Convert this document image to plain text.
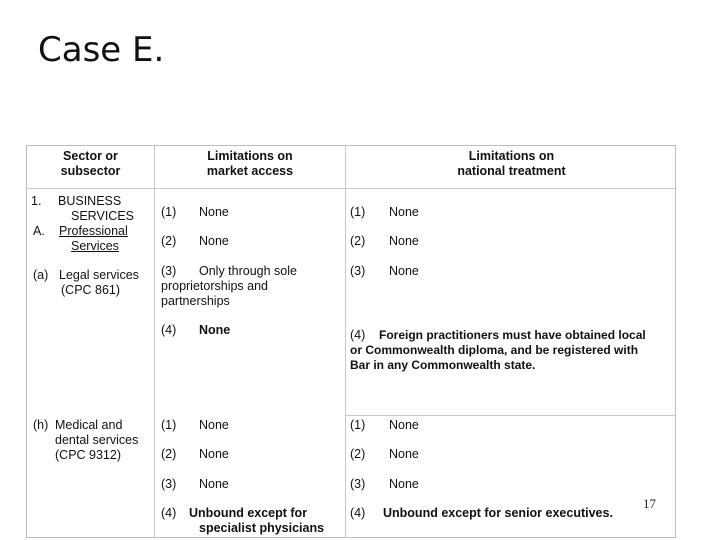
Case E.
Sector or
subsector
Limitations on
market access
Limitations on
national treatment
1. BUSINESS
SERVICES
A. Professional
Services
(a) Legal services
(CPC 861)
(h) Medical and
dental services
(CPC 9312)
(1) None
(2) None
(3) Only through sole
proprietorships and
partnerships
(4) None
(1) None
(2) None
(3) None
(4) Foreign practitioners must have obtained local
or Commonwealth diploma, and be registered with
Bar in any Commonwealth state.
(1) None
(2) None
(3) None
(4) Unbound except for
specialist physicians
(1) None
(2) None
(3) None
(4) Unbound except for senior executives.
17
